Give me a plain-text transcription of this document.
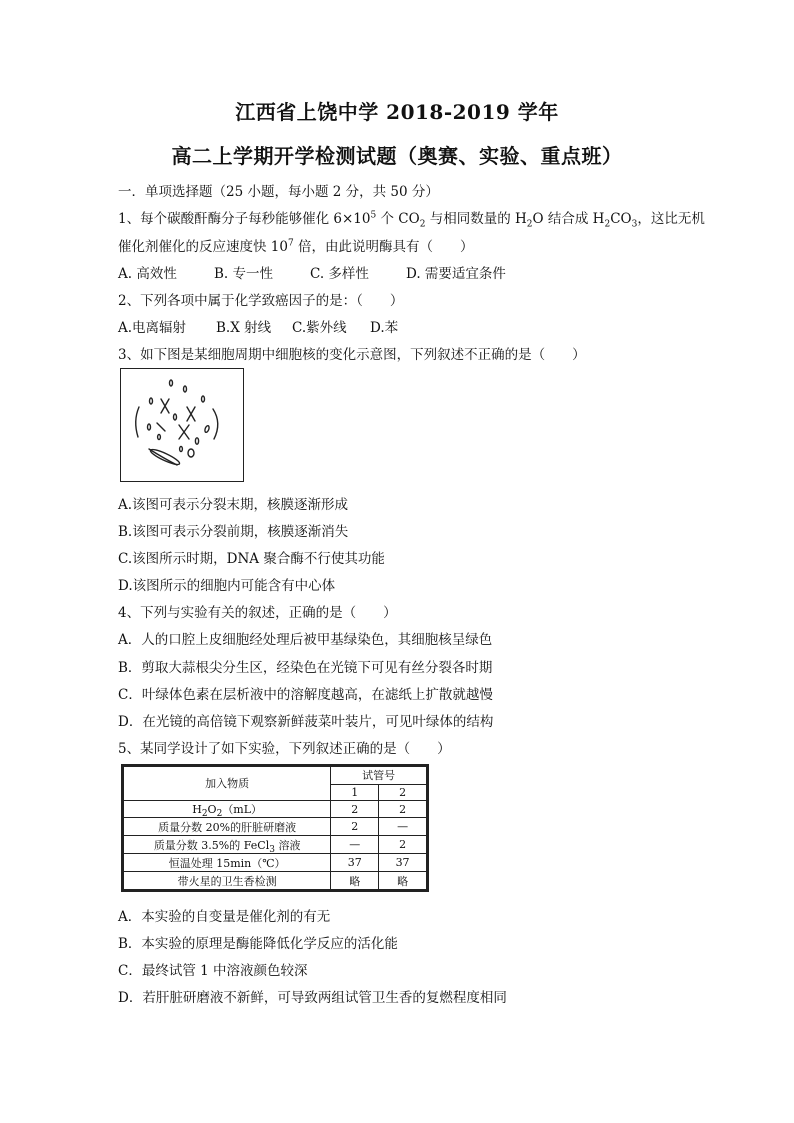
江西省上饶中学 2018-2019 学年
高二上学期开学检测试题（奥赛、实验、重点班）
一．单项选择题（25 小题，每小题 2 分，共 50 分）
1、每个碳酸酐酶分子每秒能够催化 $6\times 10^5$ 个 $CO_2$ 与相同数量的 $H_2O$ 结合成 $H_2CO_3$，这比无机
催化剂催化的反应速度快 $10^7$ 倍，由此说明酶具有（　　）
A. 高效性	B. 专一性	C. 多样性	D. 需要适宜条件
2、下列各项中属于化学致癌因子的是：（　　）
A.电离辐射 B.X 射线 C.紫外线 D.苯
3、如下图是某细胞周期中细胞核的变化示意图，下列叙述不正确的是（　　）
A.该图可表示分裂末期，核膜逐渐形成
B.该图可表示分裂前期，核膜逐渐消失
C.该图所示时期，DNA 聚合酶不行使其功能
D.该图所示的细胞内可能含有中心体
4、下列与实验有关的叙述，正确的是（　　）
A．人的口腔上皮细胞经处理后被甲基绿染色，其细胞核呈绿色
B．剪取大蒜根尖分生区，经染色在光镜下可见有丝分裂各时期
C．叶绿体色素在层析液中的溶解度越高，在滤纸上扩散就越慢
D．在光镜的高倍镜下观察新鲜菠菜叶装片，可见叶绿体的结构
5、某同学设计了如下实验，下列叙述正确的是（　　）
加入物质	试管号	
	1	2
$H_2O_2(mL)$	2	2
质量分数 20%的肝脏研磨液	2	—
质量分数 3.5%的 FeCl$_3$ 溶液	—	2
恒温处理 15min（℃）	37	37
带火星的卫生香检测	略	略
A．本实验的自变量是催化剂的有无
B．本实验的原理是酶能降低化学反应的活化能
C．最终试管 1 中溶液颜色较深
D．若肝脏研磨液不新鲜，可导致两组试管卫生香的复燃程度相同
